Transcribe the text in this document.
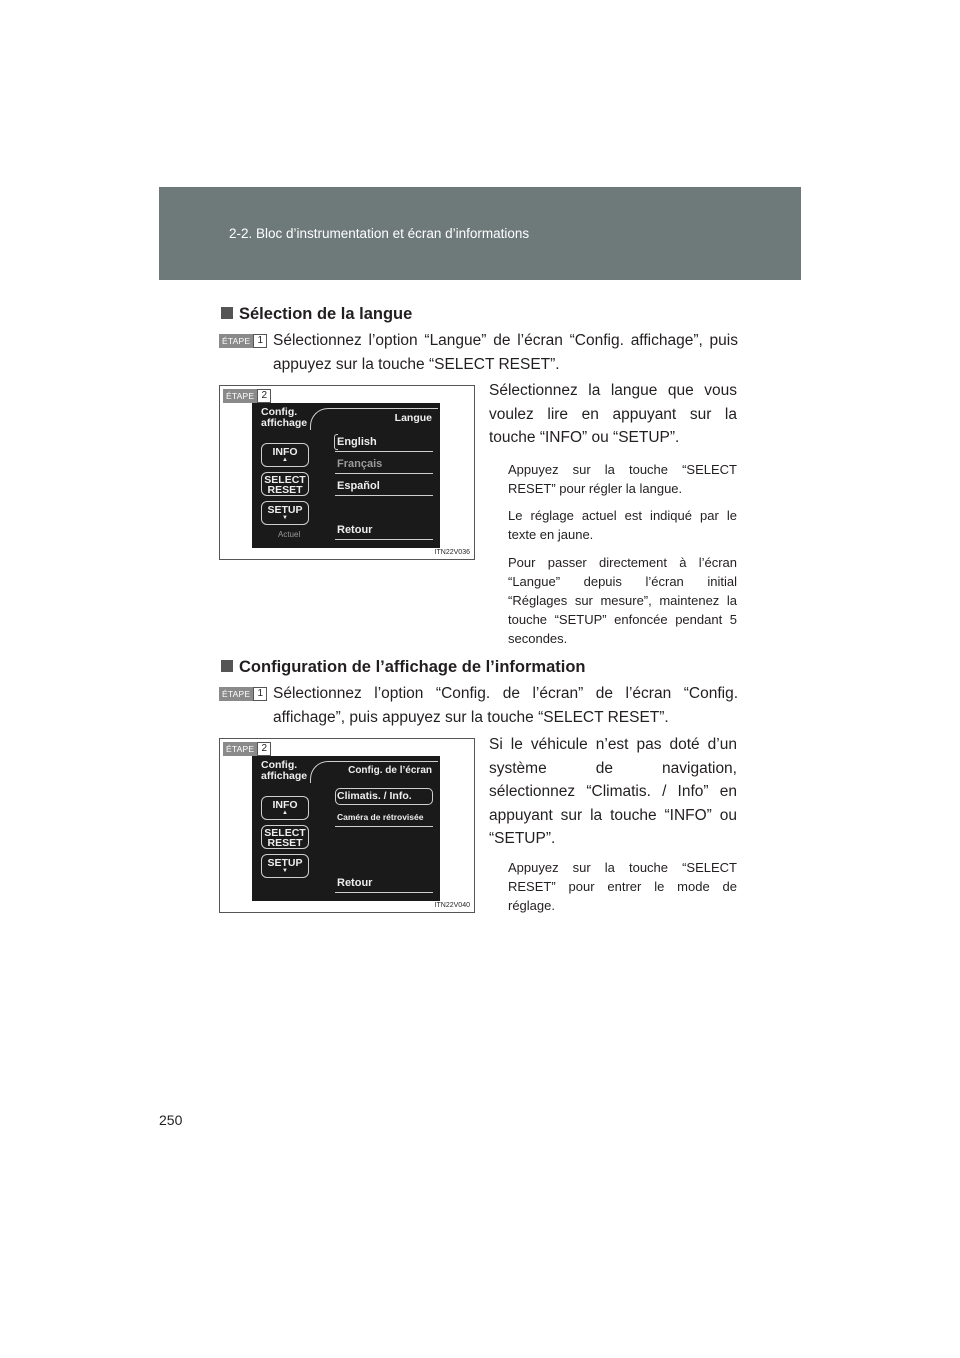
2-2. Bloc d’instrumentation et écran d’informations
Sélection de la langue
ÉTAPE 1 Sélectionnez l’option “Langue” de l’écran “Config. affichage”, puis appuyez sur la touche “SELECT RESET”.
ÉTAPE 2
Config.
affichage	Langue
INFO
▲
SELECT
RESET
SETUP
▼
Actuel
English
Français
Español
Retour
ITN22V036
Sélectionnez la langue que vous voulez lire en appuyant sur la touche “INFO” ou “SETUP”.
Appuyez sur la touche “SELECT RESET” pour régler la langue.
Le réglage actuel est indiqué par le texte en jaune.
Pour passer directement à l’écran “Langue” depuis l’écran initial “Réglages sur mesure”, maintenez la touche “SETUP” enfoncée pendant 5 secondes.
Configuration de l’affichage de l’information
ÉTAPE 1 Sélectionnez l’option “Config. de l’écran” de l’écran “Config. affichage”, puis appuyez sur la touche “SELECT RESET”.
ÉTAPE 2
Config.
affichage	Config. de l’écran
INFO
▲
SELECT
RESET
SETUP
▼
Climatis. / Info.
Caméra de rétrovisée
Retour
ITN22V040
Si le véhicule n’est pas doté d’un système de navigation, sélectionnez “Climatis. / Info” en appuyant sur la touche “INFO” ou “SETUP”.
Appuyez sur la touche “SELECT RESET” pour entrer le mode de réglage.
250
